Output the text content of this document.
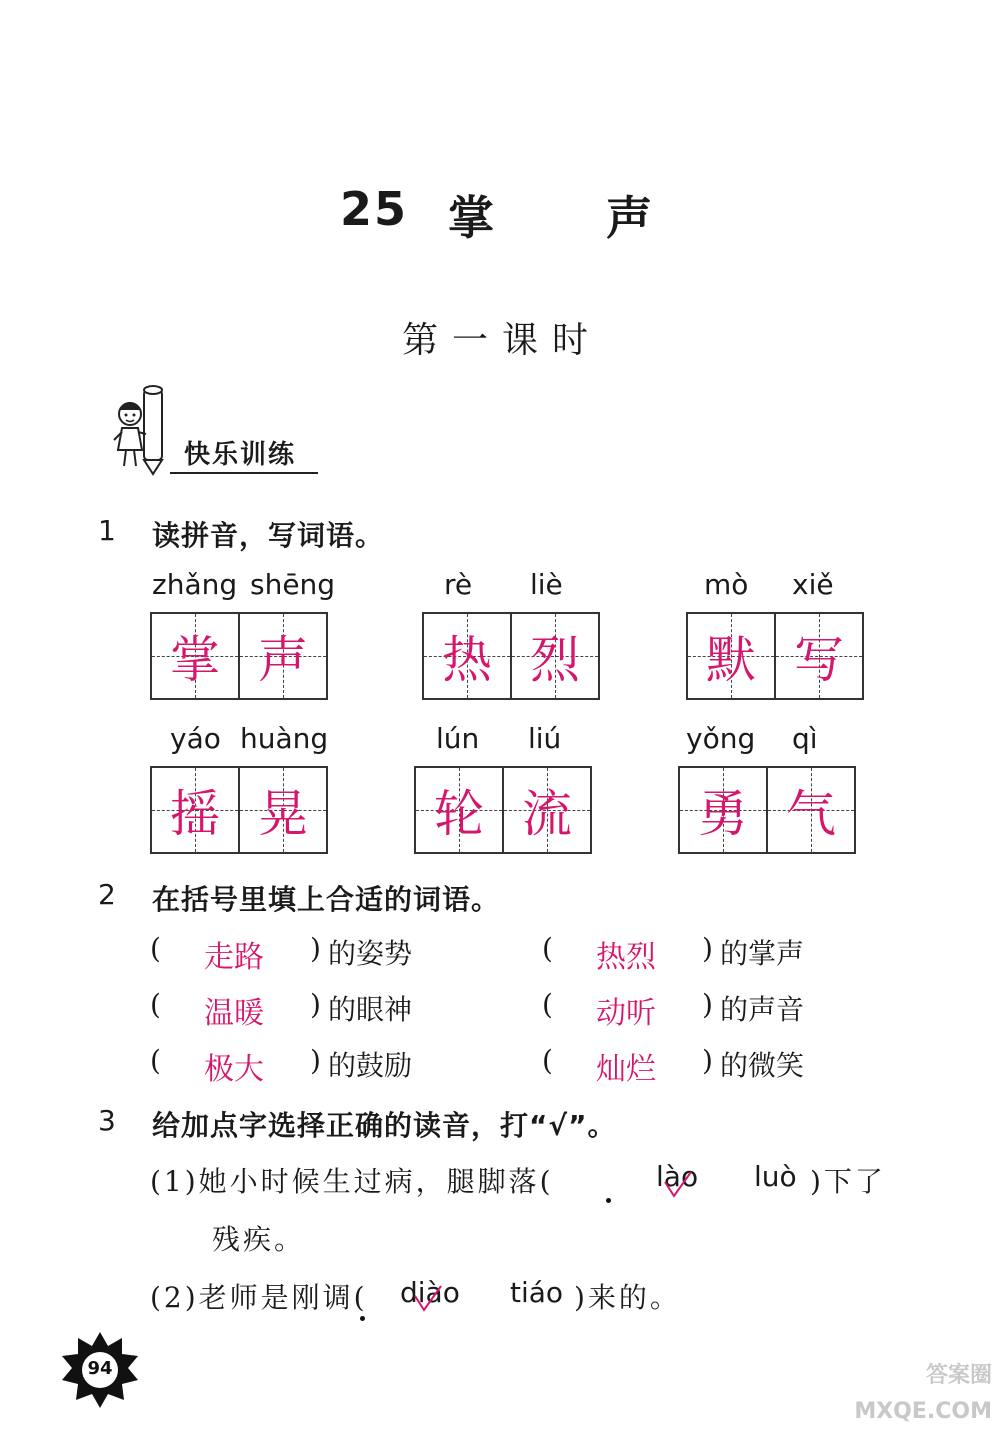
25 掌 声
第一课时
快乐训练
1 读拼音，写词语。
zhǎng shēng	rè liè	mò xiě
掌 声	热 烈	默 写
yáo huàng	lún liú	yǒng qì
摇 晃	轮 流	勇 气
2 在括号里填上合适的词语。
( 走路 ) 的姿势
( 温暖 ) 的眼神
( 极大 ) 的鼓励
( 热烈 ) 的掌声
( 动听 ) 的声音
( 灿烂 ) 的微笑
3 给加点字选择正确的读音，打“√”。
(1)她小时候生过病，腿脚落(	lào luò )下了
残疾。
(2)老师是刚调( diào tiáo )来的。
94	答案圈 MXQE.COM
